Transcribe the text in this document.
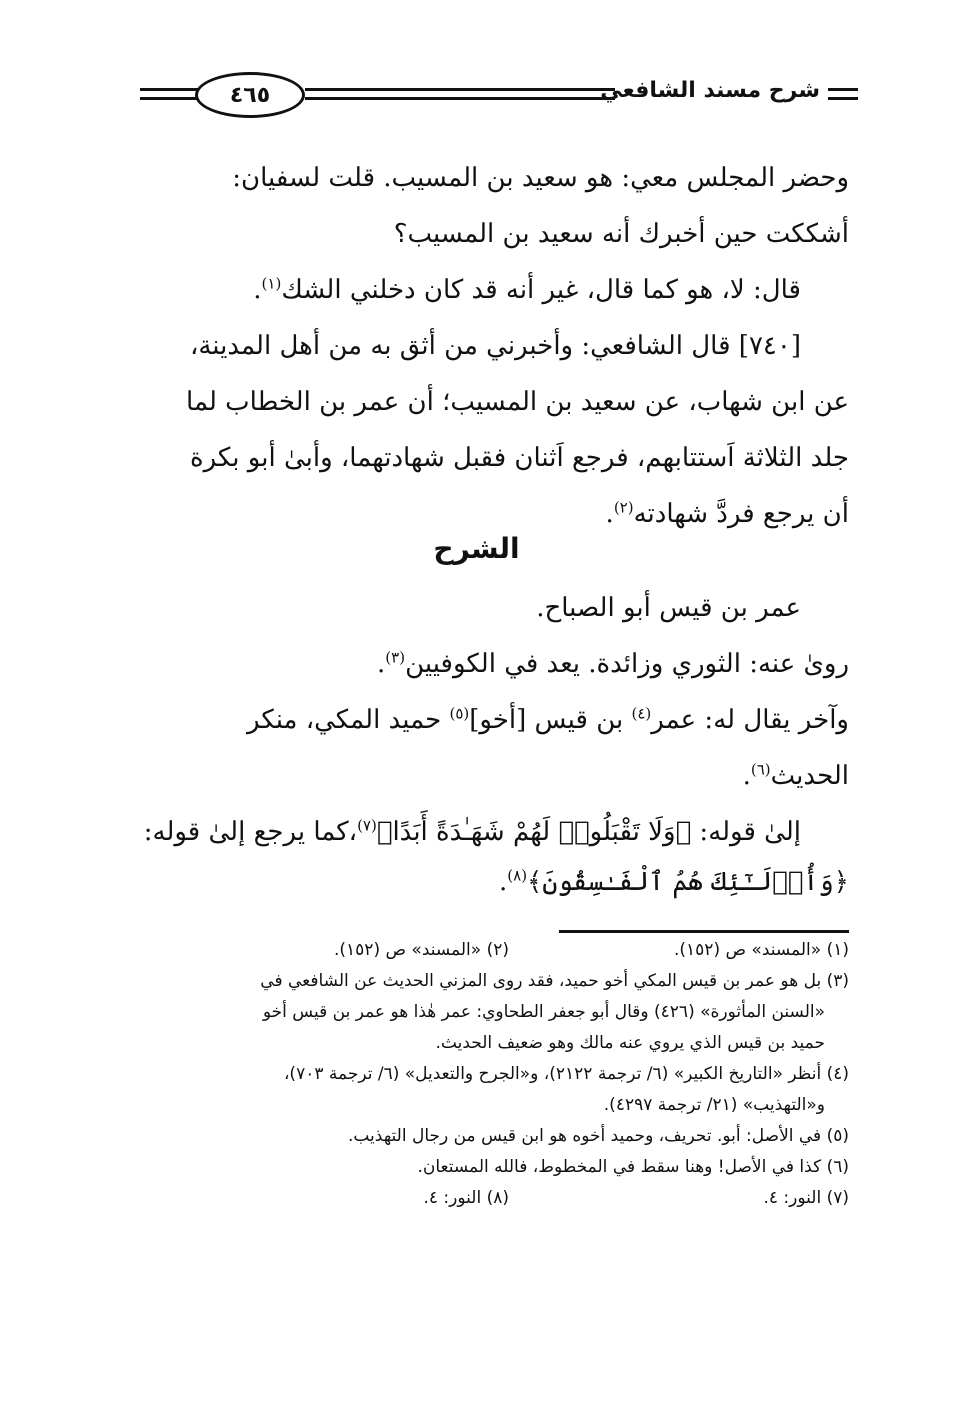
٤٦٥	شرح مسند الشافعي
وحضر المجلس معي: هو سعيد بن المسيب. قلت لسفيان:
أشككت حين أخبرك أنه سعيد بن المسيب؟
قال: لا، هو كما قال، غير أنه قد كان دخلني الشك$^{(١)}$.
[٧٤٠] قال الشافعي: وأخبرني من أثق به من أهل المدينة،
عن ابن شهاب، عن سعيد بن المسيب؛ أن عمر بن الخطاب لما
جلد الثلاثة اَستتابهم، فرجع اَثنان فقبل شهادتهما، وأبىٰ أبو بكرة
أن يرجع فردَّ شهادته$^{(٢)}$.
الشرح
عمر بن قيس أبو الصباح.
روىٰ عنه: الثوري وزائدة. يعد في الكوفيين$^{(٣)}$.
وآخر يقال له: عمر$^{(٤)}$ بن قيس [أخو]$^{(٥)}$ حميد المكي، منكر
الحديث$^{(٦)}$.
إلىٰ قوله: ﴿وَلَا تَقْبَلُوا۟ لَهُمْ شَهَـٰدَةً أَبَدًا﴾$^{(٧)}$،كما يرجع إلىٰ قوله:
﴿وَأُو۟لَـٰٓئِكَ هُمُ ٱلْفَـٰسِقُونَ﴾$^{(٨)}$.
(١) «المسند» ص (١٥٢).
(٢) «المسند» ص (١٥٢).
(٣) بل هو عمر بن قيس المكي أخو حميد، فقد روى المزني الحديث عن الشافعي في
«السنن المأثورة» (٤٢٦) وقال أبو جعفر الطحاوي: عمر هٰذا هو عمر بن قيس أخو
حميد بن قيس الذي يروي عنه مالك وهو ضعيف الحديث.
(٤) أنظر «التاريخ الكبير» (٦/ ترجمة ٢١٢٢)، و«الجرح والتعديل» (٦/ ترجمة ٧٠٣)،
و«التهذيب» (٢١/ ترجمة ٤٢٩٧).
(٥) في الأصل: أبو. تحريف، وحميد أخوه هو ابن قيس من رجال التهذيب.
(٦) كذا في الأصل! وهنا سقط في المخطوط، فالله المستعان.
(٧) النور: ٤.
(٨) النور: ٤.
